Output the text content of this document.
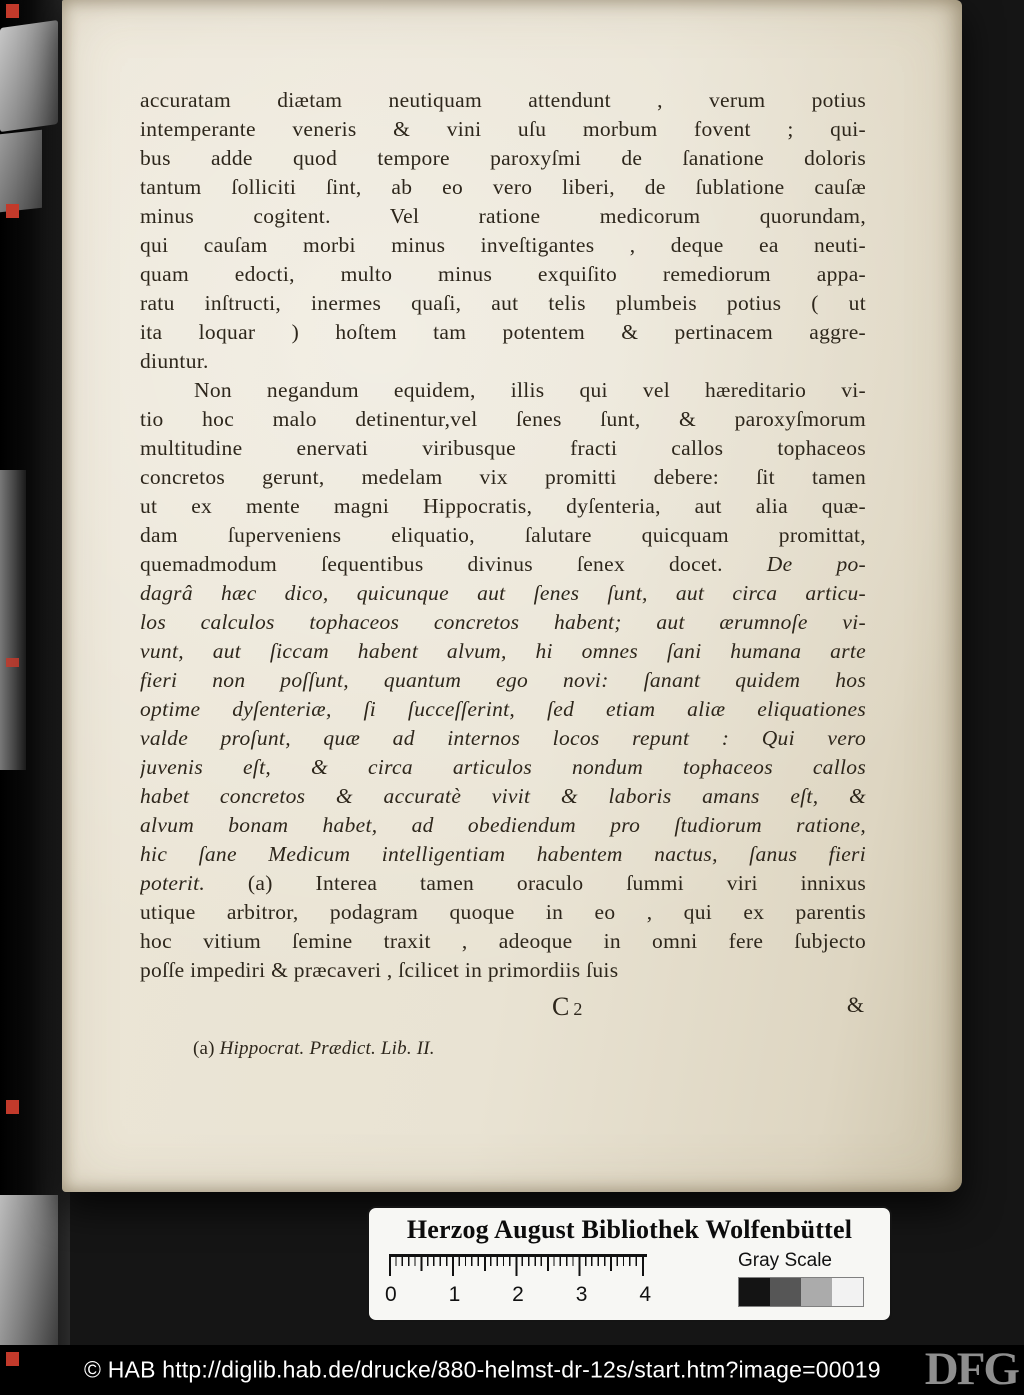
accuratam diætam neutiquam attendunt , verum potius
intemperante veneris & vini uſu morbum fovent ; qui-
bus adde quod tempore paroxyſmi de ſanatione doloris
tantum ſolliciti ſint, ab eo vero liberi, de ſublatione cauſæ
minus cogitent. Vel ratione medicorum quorundam,
qui cauſam morbi minus inveſtigantes , deque ea neuti-
quam edocti, multo minus exquiſito remediorum appa-
ratu inſtructi, inermes quaſi, aut telis plumbeis potius ( ut
ita loquar ) hoſtem tam potentem & pertinacem aggre-
diuntur.
Non negandum equidem, illis qui vel hæreditario vi-
tio hoc malo detinentur,vel ſenes ſunt, & paroxyſmorum
multitudine enervati viribusque fracti callos tophaceos
concretos gerunt, medelam vix promitti debere: ſit tamen
ut ex mente magni Hippocratis, dyſenteria, aut alia quæ-
dam ſuperveniens eliquatio, ſalutare quicquam promittat,
quemadmodum ſequentibus divinus ſenex docet. De po-
dagrâ hæc dico, quicunque aut ſenes ſunt, aut circa articu-
los calculos tophaceos concretos habent; aut ærumnoſe vi-
vunt, aut ſiccam habent alvum, hi omnes ſani humana arte
fieri non poſſunt, quantum ego novi: ſanant quidem hos
optime dyſenteriæ, ſi ſucceſſerint, ſed etiam aliæ eliquationes
valde proſunt, quæ ad internos locos repunt : Qui vero
juvenis eſt, & circa articulos nondum tophaceos callos
habet concretos & accuratè vivit & laboris amans eſt, &
alvum bonam habet, ad obediendum pro ſtudiorum ratione,
hic ſane Medicum intelligentiam habentem nactus, ſanus fieri
poterit. (a) Interea tamen oraculo ſummi viri innixus
utique arbitror, podagram quoque in eo , qui ex parentis
hoc vitium ſemine traxit , adeoque in omni fere ſubjecto
poſſe impediri & præcaveri , ſcilicet in primordiis ſuis
C 2	&
(a) Hippocrat. Prædict. Lib. II.
Herzog August Bibliothek Wolfenbüttel
0 1 2 3 4
Gray Scale
© HAB http://diglib.hab.de/drucke/880-helmst-dr-12s/start.htm?image=00019 DFG
